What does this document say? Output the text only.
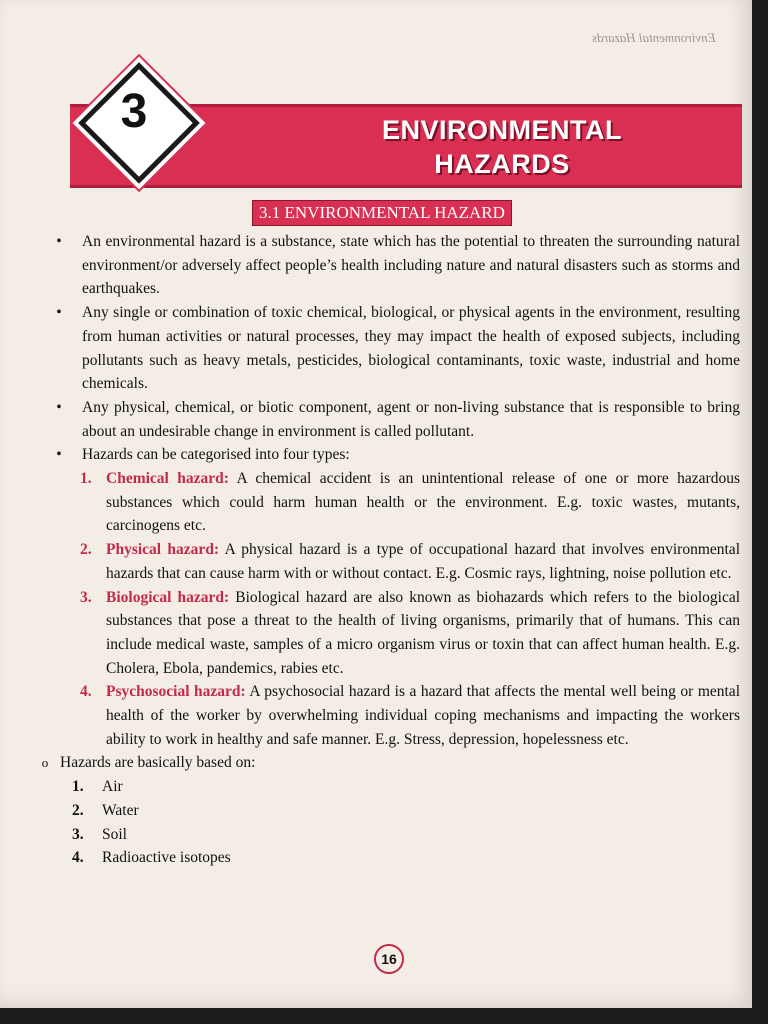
Environmental Hazards
ENVIRONMENTAL
HAZARDS
3
3.1 ENVIRONMENTAL HAZARD
• An environmental hazard is a substance, state which has the potential to threaten the surrounding natural environment/or adversely affect people’s health including nature and natural disasters such as storms and earthquakes.
• Any single or combination of toxic chemical, biological, or physical agents in the environment, resulting from human activities or natural processes, they may impact the health of exposed subjects, including pollutants such as heavy metals, pesticides, biological contaminants, toxic waste, industrial and home chemicals.
• Any physical, chemical, or biotic component, agent or non-living substance that is responsible to bring about an undesirable change in environment is called pollutant.
• Hazards can be categorised into four types:
1. Chemical hazard: A chemical accident is an unintentional release of one or more hazardous substances which could harm human health or the environment. E.g. toxic wastes, mutants, carcinogens etc.
2. Physical hazard: A physical hazard is a type of occupational hazard that involves environmental hazards that can cause harm with or without contact. E.g. Cosmic rays, lightning, noise pollution etc.
3. Biological hazard: Biological hazard are also known as biohazards which refers to the biological substances that pose a threat to the health of living organisms, primarily that of humans. This can include medical waste, samples of a micro organism virus or toxin that can affect human health. E.g. Cholera, Ebola, pandemics, rabies etc.
4. Psychosocial hazard: A psychosocial hazard is a hazard that affects the mental well being or mental health of the worker by overwhelming individual coping mechanisms and impacting the workers ability to work in healthy and safe manner. E.g. Stress, depression, hopelessness etc.
o Hazards are basically based on:
1. Air
2. Water
3. Soil
4. Radioactive isotopes
16
